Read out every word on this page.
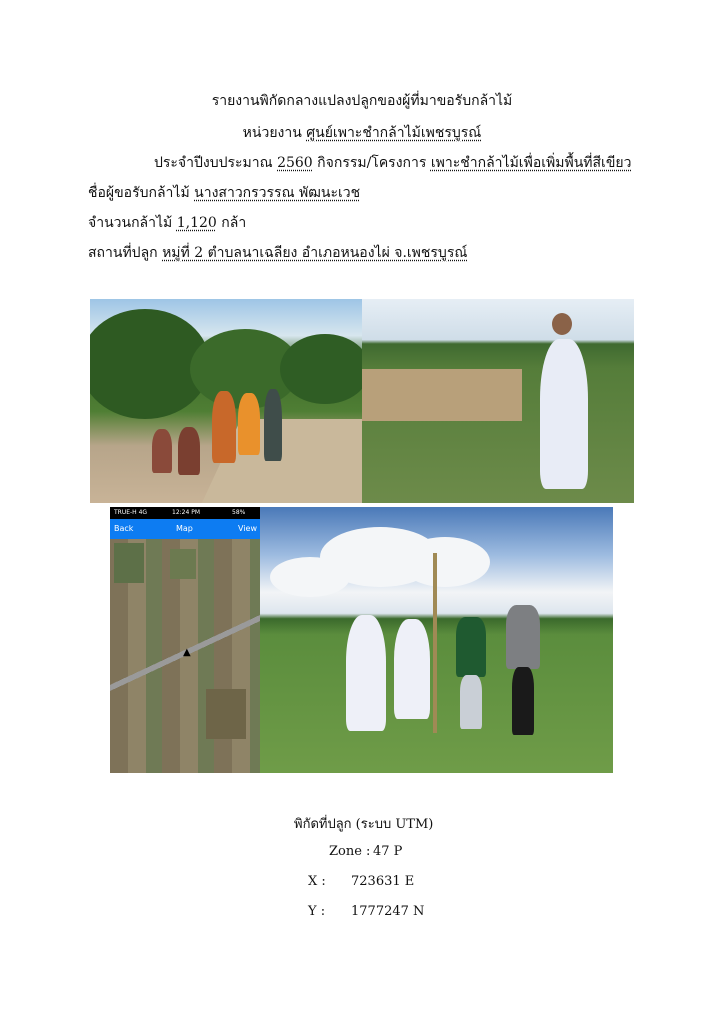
รายงานพิกัดกลางแปลงปลูกของผู้ที่มาขอรับกล้าไม้
หน่วยงาน ศูนย์เพาะชำกล้าไม้เพชรบูรณ์
ประจำปีงบประมาณ 2560 กิจกรรม/โครงการ เพาะชำกล้าไม้เพื่อเพิ่มพื้นที่สีเขียว
ชื่อผู้ขอรับกล้าไม้ นางสาวกรวรรณ พัฒนะเวช
จำนวนกล้าไม้ 1,120 กล้า
สถานที่ปลูก หมู่ที่ 2 ตำบลนาเฉลียง อำเภอหนองไผ่ จ.เพชรบูรณ์
TRUE-H 4G	12:24 PM	58%
Back	Map	View
▲
พิกัดที่ปลูก (ระบบ UTM)
Zone : 47 P
X : 723631 E
Y : 1777247 N
